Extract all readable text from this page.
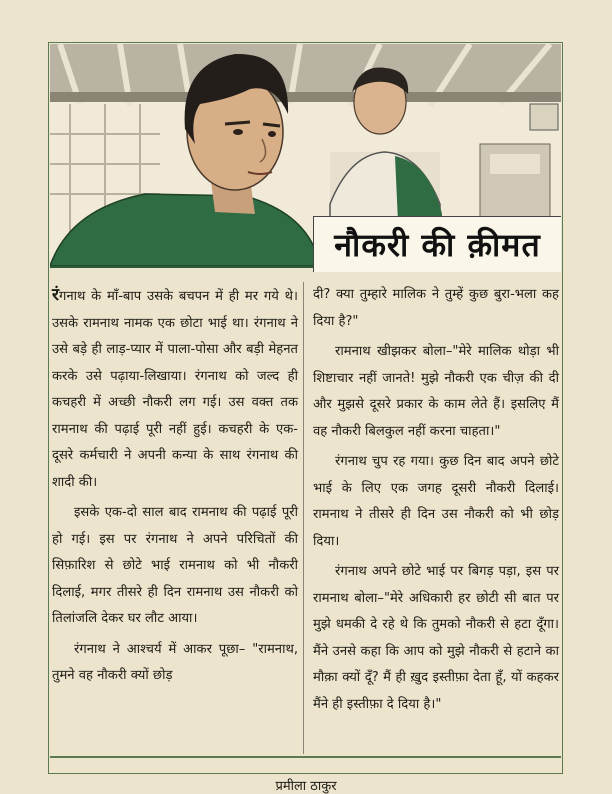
नौकरी की क़ीमत

रंगनाथ के माँ-बाप उसके बचपन में ही मर गये थे। उसके रामनाथ नामक एक छोटा भाई था। रंगनाथ ने उसे बड़े ही लाड़-प्यार में पाला-पोसा और बड़ी मेहनत करके उसे पढ़ाया-लिखाया। रंगनाथ को जल्द ही कचहरी में अच्छी नौकरी लग गई। उस वक्त तक रामनाथ की पढ़ाई पूरी नहीं हुई। कचहरी के एक-दूसरे कर्मचारी ने अपनी कन्या के साथ रंगनाथ की शादी की।

इसके एक-दो साल बाद रामनाथ की पढ़ाई पूरी हो गई। इस पर रंगनाथ ने अपने परिचितों की सिफ़ारिश से छोटे भाई रामनाथ को भी नौकरी दिलाई, मगर तीसरे ही दिन रामनाथ उस नौकरी को तिलांजलि देकर घर लौट आया।

रंगनाथ ने आश्चर्य में आकर पूछा– "रामनाथ, तुमने वह नौकरी क्यों छोड़

दी? क्या तुम्हारे मालिक ने तुम्हें कुछ बुरा-भला कह दिया है?"

रामनाथ खीझकर बोला–"मेरे मालिक थोड़ा भी शिष्टाचार नहीं जानते! मुझे नौकरी एक चीज़ की दी और मुझसे दूसरे प्रकार के काम लेते हैं। इसलिए मैं वह नौकरी बिलकुल नहीं करना चाहता।"

रंगनाथ चुप रह गया। कुछ दिन बाद अपने छोटे भाई के लिए एक जगह दूसरी नौकरी दिलाई। रामनाथ ने तीसरे ही दिन उस नौकरी को भी छोड़ दिया।

रंगनाथ अपने छोटे भाई पर बिगड़ पड़ा, इस पर रामनाथ बोला–"मेरे अधिकारी हर छोटी सी बात पर मुझे धमकी दे रहे थे कि तुमको नौकरी से हटा दूँगा। मैंने उनसे कहा कि आप को मुझे नौकरी से हटाने का मौक़ा क्यों दूँ? मैं ही ख़ुद इस्तीफ़ा देता हूँ, यों कहकर मैंने ही इस्तीफ़ा दे दिया है।"

प्रमीला ठाकुर
